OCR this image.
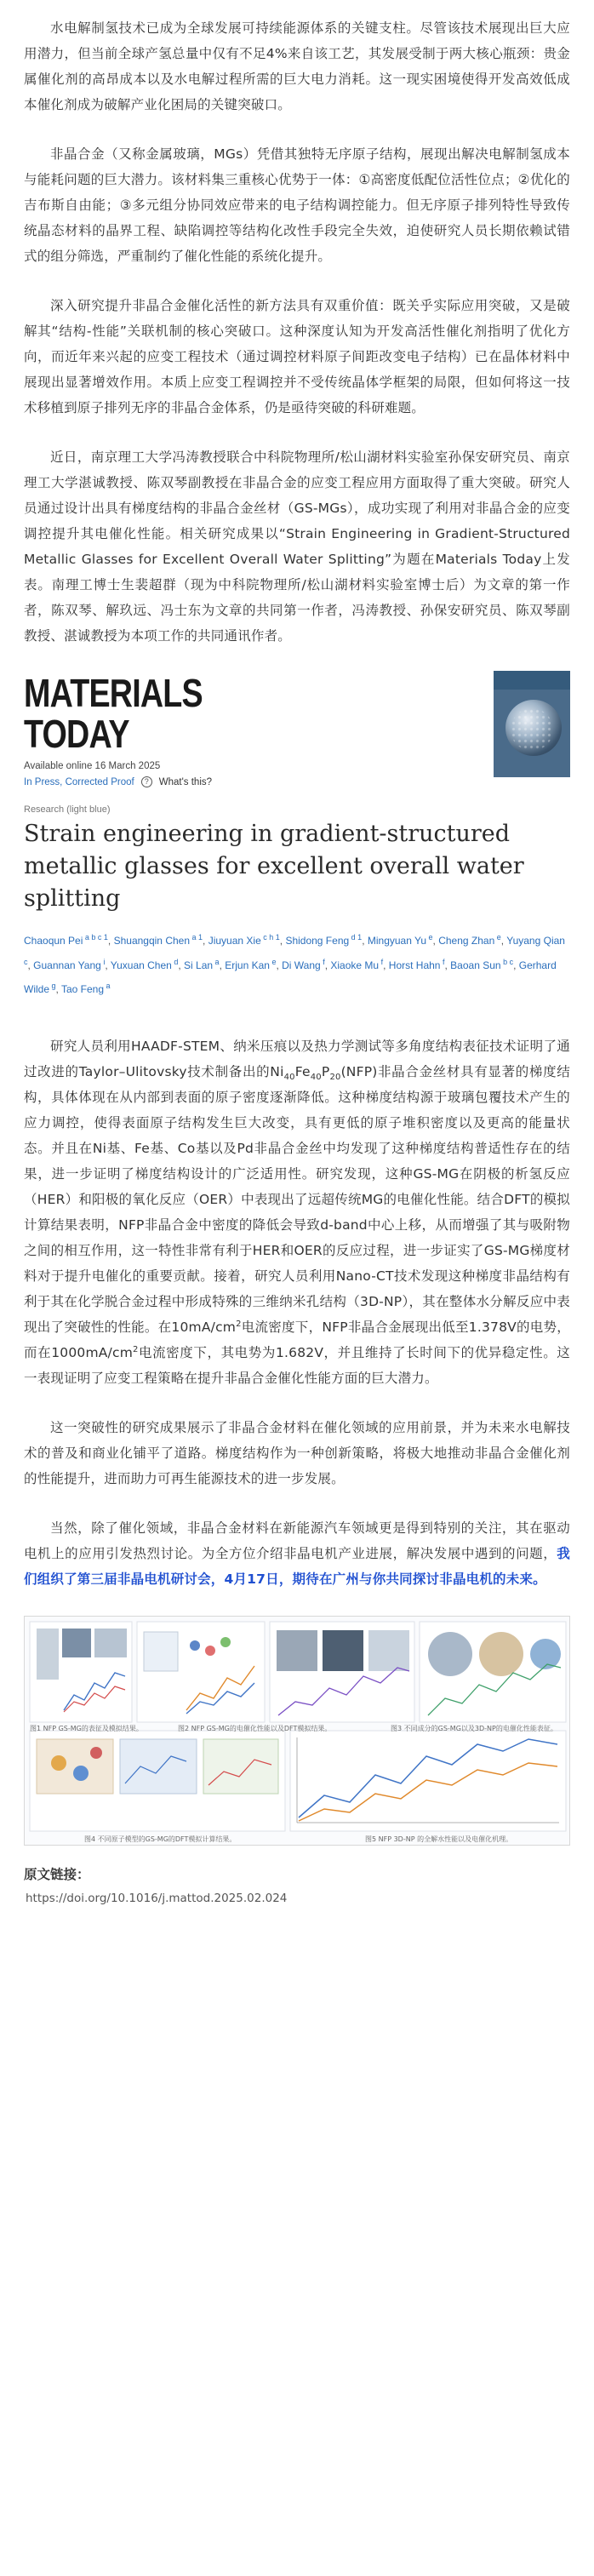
水电解制氢技术已成为全球发展可持续能源体系的关键支柱。尽管该技术展现出巨大应用潜力，但当前全球产氢总量中仅有不足4%来自该工艺，其发展受制于两大核心瓶颈：贵金属催化剂的高昂成本以及水电解过程所需的巨大电力消耗。这一现实困境使得开发高效低成本催化剂成为破解产业化困局的关键突破口。

非晶合金（又称金属玻璃，MGs）凭借其独特无序原子结构，展现出解决电解制氢成本与能耗问题的巨大潜力。该材料集三重核心优势于一体：①高密度低配位活性位点；②优化的吉布斯自由能；③多元组分协同效应带来的电子结构调控能力。但无序原子排列特性导致传统晶态材料的晶界工程、缺陷调控等结构化改性手段完全失效，迫使研究人员长期依赖试错式的组分筛选，严重制约了催化性能的系统化提升。

深入研究提升非晶合金催化活性的新方法具有双重价值：既关乎实际应用突破，又是破解其“结构-性能”关联机制的核心突破口。这种深度认知为开发高活性催化剂指明了优化方向，而近年来兴起的应变工程技术（通过调控材料原子间距改变电子结构）已在晶体材料中展现出显著增效作用。本质上应变工程调控并不受传统晶体学框架的局限，但如何将这一技术移植到原子排列无序的非晶合金体系，仍是亟待突破的科研难题。

近日，南京理工大学冯涛教授联合中科院物理所/松山湖材料实验室孙保安研究员、南京理工大学湛诚教授、陈双琴副教授在非晶合金的应变工程应用方面取得了重大突破。研究人员通过设计出具有梯度结构的非晶合金丝材（GS-MGs），成功实现了利用对非晶合金的应变调控提升其电催化性能。相关研究成果以“Strain Engineering in Gradient-Structured Metallic Glasses for Excellent Overall Water Splitting”为题在Materials Today上发表。南理工博士生裴超群（现为中科院物理所/松山湖材料实验室博士后）为文章的第一作者，陈双琴、解玖远、冯士东为文章的共同第一作者，冯涛教授、孙保安研究员、陈双琴副教授、湛诚教授为本项工作的共同通讯作者。

MATERIALS
TODAY
Available online 16 March 2025
In Press, Corrected Proof	?	What's this?
Research (light blue)
Strain engineering in gradient-structured metallic glasses for excellent overall water splitting
Chaoqun Pei $^{a b c 1}$, Shuangqin Chen $^{a 1}$, Jiuyuan Xie $^{c h 1}$, Shidong Feng $^{d 1}$, Mingyuan Yu $^e$, Cheng Zhan $^e$, Yuyang Qian $^c$, Guannan Yang $^i$, Yuxuan Chen $^d$, Si Lan $^a$, Erjun Kan $^e$, Di Wang $^f$, Xiaoke Mu $^f$, Horst Hahn $^f$, Baoan Sun $^{b c}$, Gerhard Wilde $^g$, Tao Feng $^a$

研究人员利用HAADF-STEM、纳米压痕以及热力学测试等多角度结构表征技术证明了通过改进的Taylor–Ulitovsky技术制备出的$Ni_{40}Fe_{40}P_{20}(NFP)$非晶合金丝材具有显著的梯度结构，具体体现在从内部到表面的原子密度逐渐降低。这种梯度结构源于玻璃包覆技术产生的应力调控，使得表面原子结构发生巨大改变，具有更低的原子堆积密度以及更高的能量状态。并且在Ni基、Fe基、Co基以及Pd非晶合金丝中均发现了这种梯度结构普适性存在的结果，进一步证明了梯度结构设计的广泛适用性。研究发现，这种GS-MG在阴极的析氢反应（HER）和阳极的氧化反应（OER）中表现出了远超传统MG的电催化性能。结合DFT的模拟计算结果表明，NFP非晶合金中密度的降低会导致d-band中心上移，从而增强了其与吸附物之间的相互作用，这一特性非常有利于HER和OER的反应过程，进一步证实了GS-MG梯度材料对于提升电催化的重要贡献。接着，研究人员利用Nano-CT技术发现这种梯度非晶结构有利于其在化学脱合金过程中形成特殊的三维纳米孔结构（3D-NP），其在整体水分解反应中表现出了突破性的性能。在$10mA/cm^2$电流密度下，NFP非晶合金展现出低至1.378V的电势，而在$1000mA/cm^2$电流密度下，其电势为1.682V，并且维持了长时间下的优异稳定性。这一表现证明了应变工程策略在提升非晶合金催化性能方面的巨大潜力。

这一突破性的研究成果展示了非晶合金材料在催化领域的应用前景，并为未来水电解技术的普及和商业化铺平了道路。梯度结构作为一种创新策略，将极大地推动非晶合金催化剂的性能提升，进而助力可再生能源技术的进一步发展。

当然，除了催化领域，非晶合金材料在新能源汽车领域更是得到特别的关注，其在驱动电机上的应用引发热烈讨论。为全方位介绍非晶电机产业进展，解决发展中遇到的问题，我们组织了第三届非晶电机研讨会，4月17日，期待在广州与你共同探讨非晶电机的未来。

图1 NFP GS-MG的表征及模拟结果。	图2 NFP GS-MG的电催化性能以及DFT模拟结果。	图3 不同成分的GS-MG以及3D-NP的电催化性能表征。
图4 不同原子模型的GS-MG的DFT模拟计算结果。	图5 NFP 3D-NP 的全解水性能以及电催化机理。
原文链接：
https://doi.org/10.1016/j.mattod.2025.02.024
